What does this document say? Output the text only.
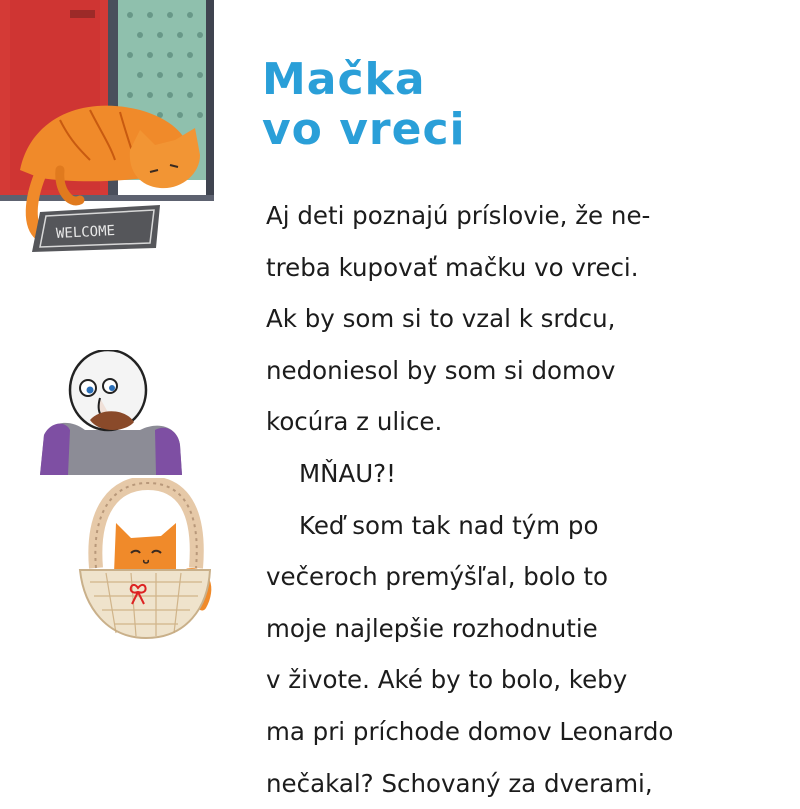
WELCOME
Mačka
vo vreci
Aj deti poznajú príslovie, že ne-
treba kupovať mačku vo vreci.
Ak by som si to vzal k srdcu,
nedoniesol by som si domov
kocúra z ulice.
MŇAU?!
Keď som tak nad tým po
večeroch premýšľal, bolo to
moje najlepšie rozhodnutie
v živote. Aké by to bolo, keby
ma pri príchode domov Leonardo
nečakal? Schovaný za dverami,
